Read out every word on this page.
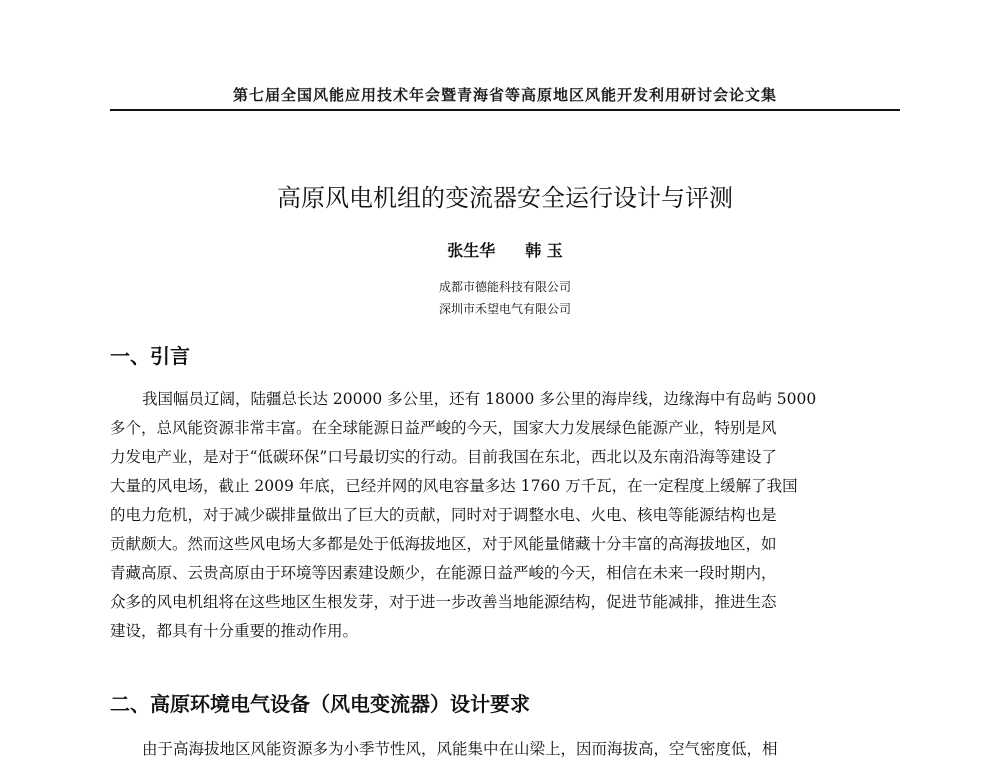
第七届全国风能应用技术年会暨青海省等高原地区风能开发利用研讨会论文集
高原风电机组的变流器安全运行设计与评测
张生华 韩 玉
成都市德能科技有限公司
深圳市禾望电气有限公司
一、引言
我国幅员辽阔，陆疆总长达 20000 多公里，还有 18000 多公里的海岸线，边缘海中有岛屿 5000
多个，总风能资源非常丰富。在全球能源日益严峻的今天，国家大力发展绿色能源产业，特别是风
力发电产业，是对于“低碳环保”口号最切实的行动。目前我国在东北，西北以及东南沿海等建设了
大量的风电场，截止 2009 年底，已经并网的风电容量多达 1760 万千瓦，在一定程度上缓解了我国
的电力危机，对于减少碳排量做出了巨大的贡献，同时对于调整水电、火电、核电等能源结构也是
贡献颇大。然而这些风电场大多都是处于低海拔地区，对于风能量储藏十分丰富的高海拔地区，如
青藏高原、云贵高原由于环境等因素建设颇少，在能源日益严峻的今天，相信在未来一段时期内，
众多的风电机组将在这些地区生根发芽，对于进一步改善当地能源结构，促进节能减排，推进生态
建设，都具有十分重要的推动作用。
二、高原环境电气设备（风电变流器）设计要求
由于高海拔地区风能资源多为小季节性风，风能集中在山梁上，因而海拔高，空气密度低，相
